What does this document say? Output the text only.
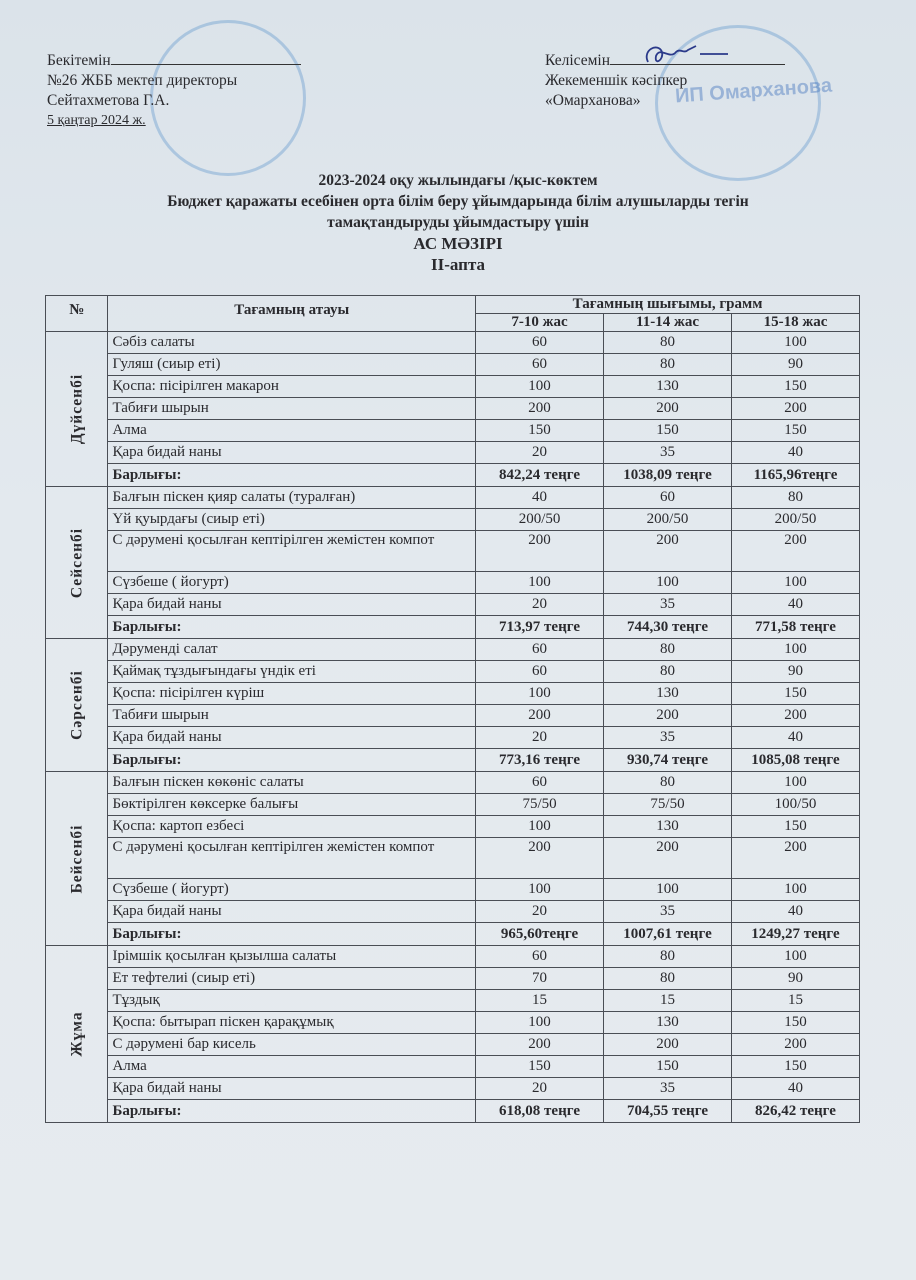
ИП Омарханова
Бекітемін
№26 ЖББ мектеп директоры
Сейтахметова Г.А.
5 қаңтар 2024 ж.
Келісемін
Жекеменшік кәсіпкер
«Омарханова»
2023-2024 оқу жылындағы /қыс-көктем
Бюджет қаражаты есебінен орта білім беру ұйымдарында білім алушыларды тегін
тамақтандыруды ұйымдастыру үшін
АС МӘЗІРІ
ІІ-апта
№	Тағамның атауы	Тағамның шығымы, грамм		
		7-10 жас	11-14 жас	15-18 жас

Дүйсенбі	Сәбіз салаты	60	80	100
	Гуляш (сиыр еті)	60	80	90
	Қоспа: пісірілген макарон	100	130	150
	Табиғи шырын	200	200	200
	Алма	150	150	150
	Қара бидай наны	20	35	40
	Барлығы:	842,24 теңге	1038,09 теңге	1165,96теңге

Сейсенбі	Балғын піскен қияр салаты (туралған)	40	60	80
	Үй қуырдағы (сиыр еті)	200/50	200/50	200/50
	С дәрумені қосылған кептірілген жемістен компот	200	200	200
	Сүзбеше ( йогурт)	100	100	100
	Қара бидай наны	20	35	40
	Барлығы:	713,97 теңге	744,30 теңге	771,58 теңге

Сәрсенбі	Дәруменді салат	60	80	100
	Қаймақ тұздығындағы үндік еті	60	80	90
	Қоспа: пісірілген күріш	100	130	150
	Табиғи шырын	200	200	200
	Қара бидай наны	20	35	40
	Барлығы:	773,16 теңге	930,74 теңге	1085,08 теңге

Бейсенбі	Балғын піскен көкөніс салаты	60	80	100
	Бөктірілген көксерке балығы	75/50	75/50	100/50
	Қоспа: картоп езбесі	100	130	150
	С дәрумені қосылған кептірілген жемістен компот	200	200	200
	Сүзбеше ( йогурт)	100	100	100
	Қара бидай наны	20	35	40
	Барлығы:	965,60теңге	1007,61 теңге	1249,27 теңге

Жұма	Ірімшік қосылған қызылша салаты	60	80	100
	Ет тефтелиі (сиыр еті)	70	80	90
	Тұздық	15	15	15
	Қоспа: бытырап піскен қарақұмық	100	130	150
	С дәрумені бар кисель	200	200	200
	Алма	150	150	150
	Қара бидай наны	20	35	40
	Барлығы:	618,08 теңге	704,55 теңге	826,42 теңге
